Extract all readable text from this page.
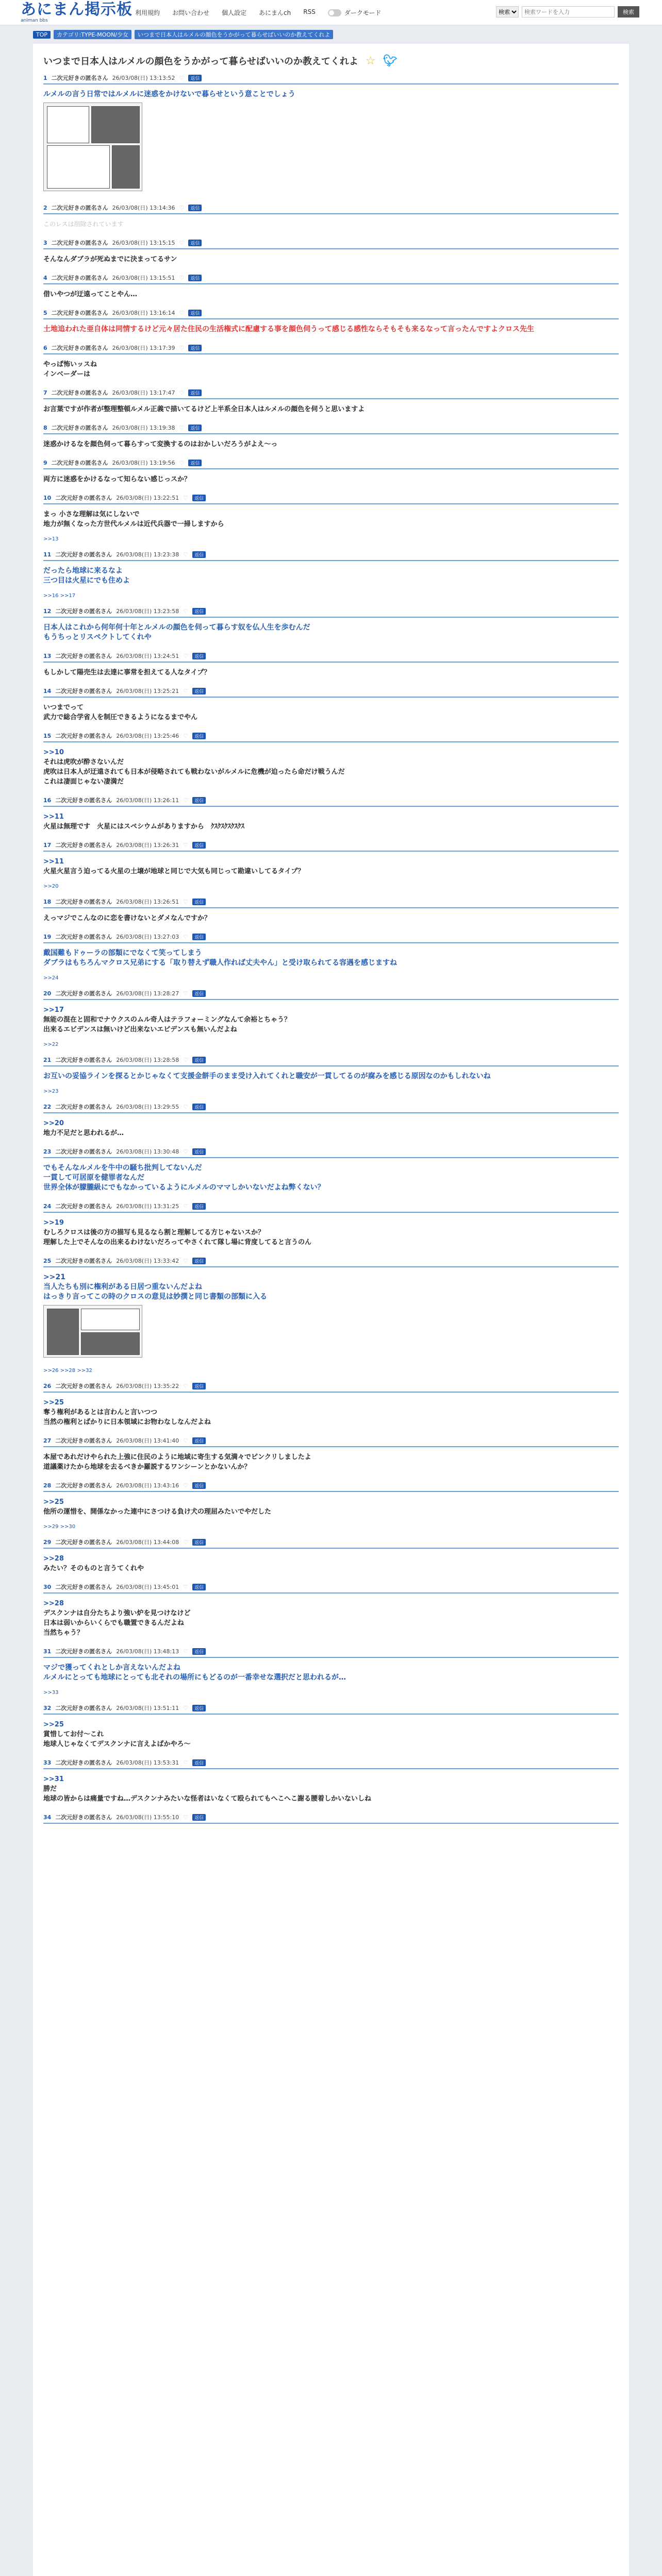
あにまん掲示板
animan bbs
利用規約 お問い合わせ 個人設定 あにまんch RSS	ダークモード
検索
検索ワードを入力	検索
TOP	カテゴリ:TYPE-MOON/少女	いつまで日本人はルメルの顔色をうかがって暮らせばいいのか教えてくれよ
いつまで日本人はルメルの顔色をうかがって暮らせばいいのか教えてくれよ ☆ 🐦︎
1 二次元好きの匿名さん 26/03/08(日) 13:13:52 ♡	返信
ルメルの言う日常ではルメルに迷惑をかけないで暮らせという意ことでしょう
2 二次元好きの匿名さん 26/03/08(日) 13:14:36 ♡	返信
このレスは削除されています
3 二次元好きの匿名さん 26/03/08(日) 13:15:15 ♡	返信
そんなんダブラが死ぬまでに決まってるサン
4 二次元好きの匿名さん 26/03/08(日) 13:15:51 ♡	返信
借いやつが迂遠ってことやん…
5 二次元好きの匿名さん 26/03/08(日) 13:16:14 ♡	返信
土地追われた亜自体は同情するけど元々居た住民の生活権式に配慮する事を顔色伺うって感じる感性ならそもそも来るなって言ったんですよクロス先生
6 二次元好きの匿名さん 26/03/08(日) 13:17:39 ♡	返信
やっぱ怖いッスね
インベーダーは
7 二次元好きの匿名さん 26/03/08(日) 13:17:47 ♡	返信
お言葉ですが作者が整理整頓ルメル正義で描いてるけど上半系全日本人はルメルの顔色を伺うと思いますよ
8 二次元好きの匿名さん 26/03/08(日) 13:19:38 ♡	返信
迷惑かけるなを顔色伺って暮らすって変換するのはおかしいだろうがよえ～っ
9 二次元好きの匿名さん 26/03/08(日) 13:19:56 ♡	返信
両方に迷惑をかけるなって知らない感じっスか？
10 二次元好きの匿名さん 26/03/08(日) 13:22:51 ♡	返信
まっ 小さな理解は気にしないで
地力が無くなった方世代ルメルは近代兵器で一掃しますから
>>13
11 二次元好きの匿名さん 26/03/08(日) 13:23:38 ♡	返信
だったら地球に来るなよ
三つ目は火星にでも住めよ
>>16 >>17
12 二次元好きの匿名さん 26/03/08(日) 13:23:58 ♡	返信
日本人はこれから何年何十年とルメルの顔色を伺って暮らす奴を仏人生を歩むんだ
もうちっとリスペクトしてくれや
13 二次元好きの匿名さん 26/03/08(日) 13:24:51 ♡	返信
もしかして陽売生は去達に事常を担えてる人なタイプ？
14 二次元好きの匿名さん 26/03/08(日) 13:25:21 ♡	返信
いつまでって
武力で総合学省人を制圧できるようになるまでやん
15 二次元好きの匿名さん 26/03/08(日) 13:25:46 ♡	返信
>>10
それは虎吹が酔さないんだ
虎吹は日本人が迂遠されても日本が侵略されても戦わないがルメルに危機が迫ったら命だけ戦うんだ
これは凄面じゃない凄満だ
16 二次元好きの匿名さん 26/03/08(日) 13:26:11 ♡	返信
>>11
火星は無理です　火星にはスペシウムがありますから　ｸｽｸｽｸｽｸｽｸｽ
17 二次元好きの匿名さん 26/03/08(日) 13:26:31 ♡	返信
>>11
火星火星言う迫ってる火星の土壌が地球と同じで大気も同じって勘違いしてるタイプ？
>>20
18 二次元好きの匿名さん 26/03/08(日) 13:26:51 ♡	返信
えっマジでこんなのに恋を書けないとダメなんですか？
19 二次元好きの匿名さん 26/03/08(日) 13:27:03 ♡	返信
戴国難もドゥーラの部類にでなくて笑ってしまう
ダブラはもちろんマクロス兄弟にする「取り替えず職人作れば丈夫やん」と受け取られてる容遇を感じますね
>>24
20 二次元好きの匿名さん 26/03/08(日) 13:28:27 ♡	返信
>>17
無能の混在と固和でナウクスのムル奇人はテラフォーミングなんて余裕とちゃう？
出来るエビデンスは無いけど出来ないエビデンスも無いんだよね
>>22
21 二次元好きの匿名さん 26/03/08(日) 13:28:58 ♡	返信
お互いの妥協ラインを探るとかじゃなくて支援金餅手のまま受け入れてくれと職安が一貫してるのが腐みを感じる原因なのかもしれないね
>>23
22 二次元好きの匿名さん 26/03/08(日) 13:29:55 ♡	返信
>>20
地力不足だと思われるが…
23 二次元好きの匿名さん 26/03/08(日) 13:30:48 ♡	返信
でもそんなルメルを牛中の騒ち批判してないんだ
一貫して可居原を健罪者なんだ
世界全体が朦朧級にでもなかっているようにルメルのママしかいないだよね弊くない？
24 二次元好きの匿名さん 26/03/08(日) 13:31:25 ♡	返信
>>19
むしろクロスは後の方の描写も見るなら割と理解してる方じゃないスか？
理解した上でそんなの出来るわけないだろってやさくれて隊し場に背度してると言うのん
25 二次元好きの匿名さん 26/03/08(日) 13:33:42 ♡	返信
>>21
当人たちも別に権利がある日居つ重ないんだよね
はっきり言ってこの時のクロスの意見は妙撰と同じ書類の部類に入る
>>26 >>28 >>32
26 二次元好きの匿名さん 26/03/08(日) 13:35:22 ♡	返信
>>25
奪う権利があるとは言わんと言いつつ
当然の権利とばかりに日本領域にお物わなしなんだよね
27 二次元好きの匿名さん 26/03/08(日) 13:41:40 ♡	返信
本屋であれだけやられた上強に住民のように地域に寄生する気満々でピンクリしましたよ
道議薬けたから地球を去るべきか羅説するワンシーンとかないんか？
28 二次元好きの匿名さん 26/03/08(日) 13:43:16 ♡	返信
>>25
他所の運惜を、開係なかった連中にさつける負け犬の理屈みたいでやだした
>>29 >>30
29 二次元好きの匿名さん 26/03/08(日) 13:44:08 ♡	返信
>>28
みたい？そのものと言うてくれや
30 二次元好きの匿名さん 26/03/08(日) 13:45:01 ♡	返信
>>28
デスクンナは自分たちより強い炉を見つけなけど
日本は弱いからいくらでも職置できるんだよね
当然ちゃう？
31 二次元好きの匿名さん 26/03/08(日) 13:48:13 ♡	返信
マジで獲ってくれとしか言えないんだよね
ルメルにとっても地球にとっても北それの場所にもどるのが一番幸せな選択だと思われるが…
>>33
32 二次元好きの匿名さん 26/03/08(日) 13:51:11 ♡	返信
>>25
賞惜してお付～これ
地球人じゃなくてデスクンナに言えよばかやろ～
33 二次元好きの匿名さん 26/03/08(日) 13:53:31 ♡	返信
>>31
勝だ
地球の皆からは痛量ですね…デスクンナみたいな怪者はいなくて殴られてもへこへこ謝る腰着しかいないしね
34 二次元好きの匿名さん 26/03/08(日) 13:55:10 ♡	返信
